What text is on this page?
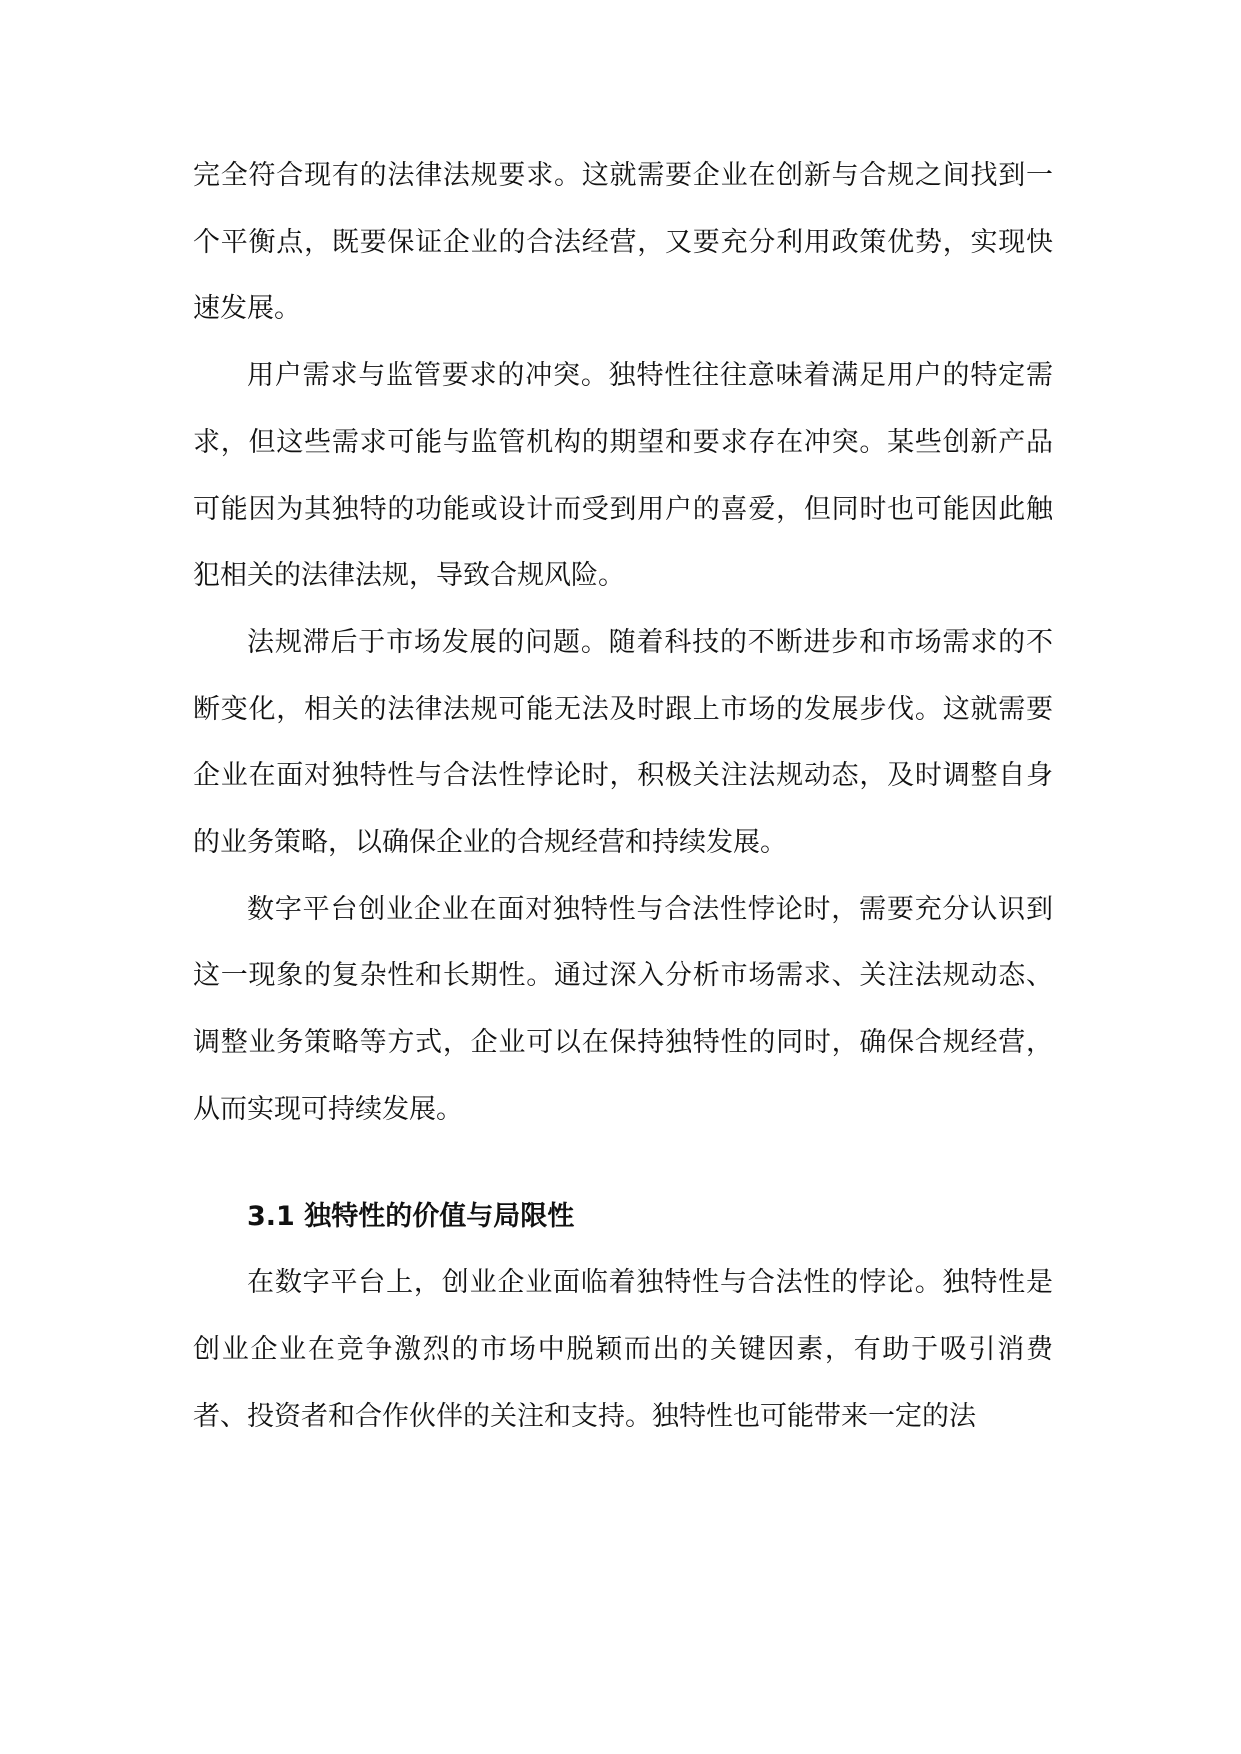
完全符合现有的法律法规要求。这就需要企业在创新与合规之间找到一个平衡点，既要保证企业的合法经营，又要充分利用政策优势，实现快速发展。

用户需求与监管要求的冲突。独特性往往意味着满足用户的特定需求，但这些需求可能与监管机构的期望和要求存在冲突。某些创新产品可能因为其独特的功能或设计而受到用户的喜爱，但同时也可能因此触犯相关的法律法规，导致合规风险。

法规滞后于市场发展的问题。随着科技的不断进步和市场需求的不断变化，相关的法律法规可能无法及时跟上市场的发展步伐。这就需要企业在面对独特性与合法性悖论时，积极关注法规动态，及时调整自身的业务策略，以确保企业的合规经营和持续发展。

数字平台创业企业在面对独特性与合法性悖论时，需要充分认识到这一现象的复杂性和长期性。通过深入分析市场需求、关注法规动态、调整业务策略等方式，企业可以在保持独特性的同时，确保合规经营，从而实现可持续发展。

3.1 独特性的价值与局限性

在数字平台上，创业企业面临着独特性与合法性的悖论。独特性是创业企业在竞争激烈的市场中脱颖而出的关键因素，有助于吸引消费者、投资者和合作伙伴的关注和支持。独特性也可能带来一定的法
